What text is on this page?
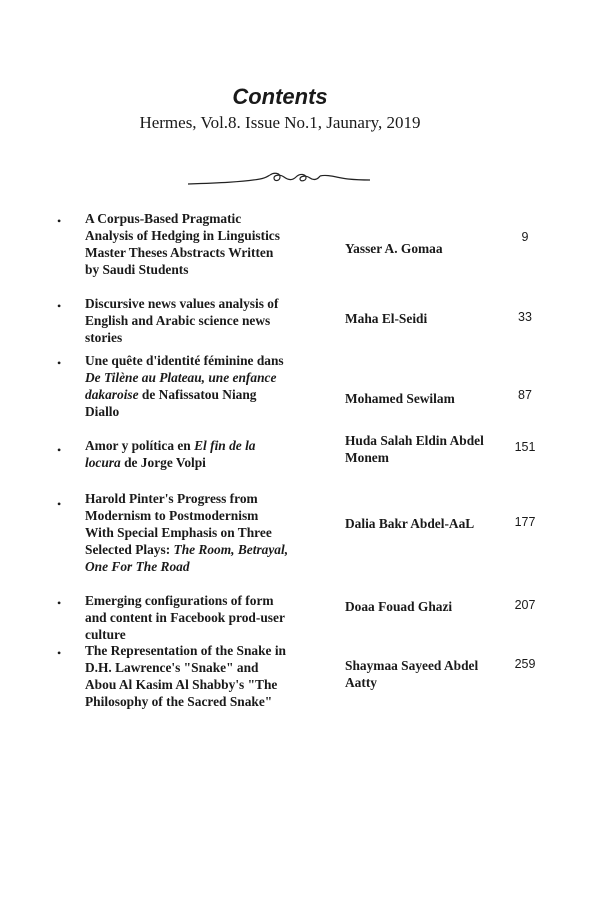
Contents
Hermes, Vol.8. Issue No.1, Jaunary, 2019
• A Corpus-Based Pragmatic Analysis of Hedging in Linguistics Master Theses Abstracts Written by Saudi Students
Yasser A. Gomaa
9
• Discursive news values analysis of English and Arabic science news stories
Maha El-Seidi	33
• Une quête d'identité féminine dans De Tilène au Plateau, une enfance dakaroise de Nafissatou Niang Diallo
Mohamed Sewilam	87
• Amor y política en El fin de la locura de Jorge Volpi
Huda Salah Eldin Abdel Monem
151
• Harold Pinter's Progress from Modernism to Postmodernism With Special Emphasis on Three Selected Plays: The Room, Betrayal, One For The Road
Dalia Bakr Abdel-AaL	177
• Emerging configurations of form and content in Facebook prod-user culture
Doaa Fouad Ghazi	207
• The Representation of the Snake in D.H. Lawrence's "Snake" and Abou Al Kasim Al Shabby's "The Philosophy of the Sacred Snake"
Shaymaa Sayeed Abdel Aatty
259
